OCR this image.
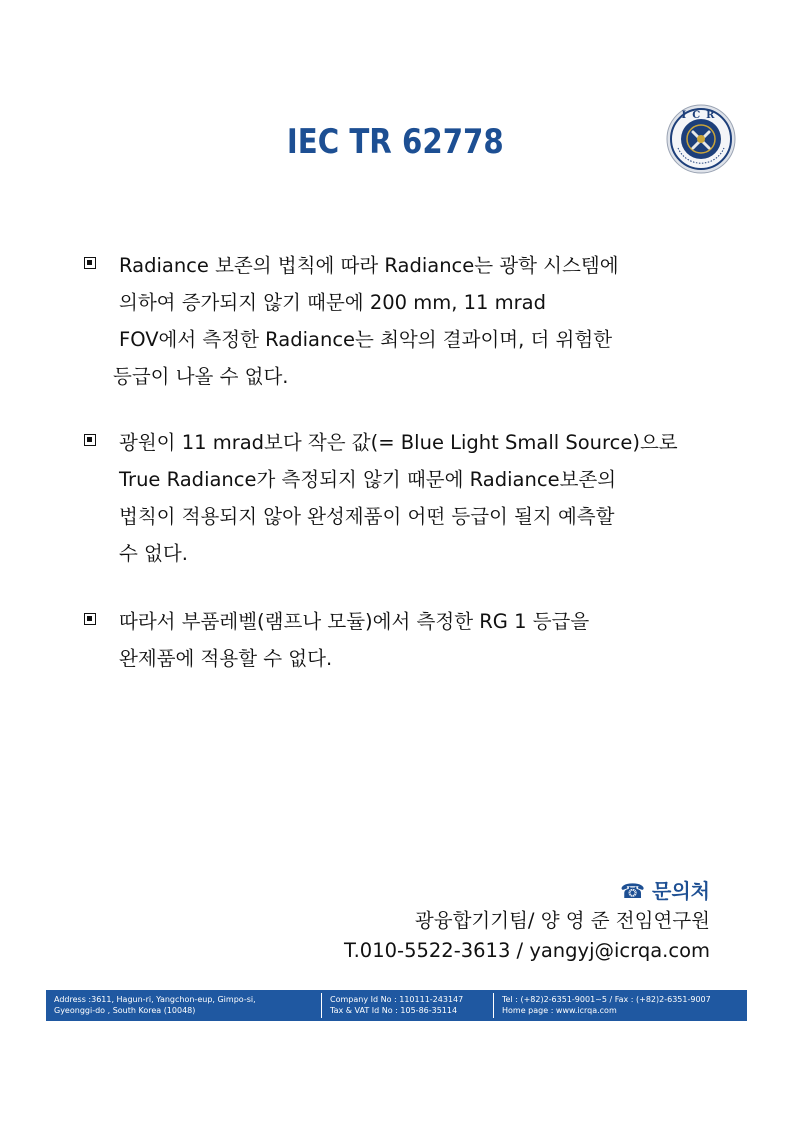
IEC TR 62778
ICR
Radiance 보존의 법칙에 따라 Radiance는 광학 시스템에
의하여 증가되지 않기 때문에 200 mm, 11 mrad
FOV에서 측정한 Radiance는 최악의 결과이며, 더 위험한
등급이 나올 수 없다.
광원이 11 mrad보다 작은 값(= Blue Light Small Source)으로
True Radiance가 측정되지 않기 때문에 Radiance보존의
법칙이 적용되지 않아 완성제품이 어떤 등급이 될지 예측할
수 없다.
따라서 부품레벨(램프나 모듈)에서 측정한 RG 1 등급을
완제품에 적용할 수 없다.
☎ 문의처
광융합기기팀/ 양 영 준 전임연구원
T.010-5522-3613 / yangyj@icrqa.com
Address :3611, Hagun-ri, Yangchon-eup, Gimpo-si,
Gyeonggi-do , South Korea (10048)
Company Id No : 110111-243147
Tax & VAT Id No : 105-86-35114
Tel : (+82)2-6351-9001~5 / Fax : (+82)2-6351-9007
Home page : www.icrqa.com
